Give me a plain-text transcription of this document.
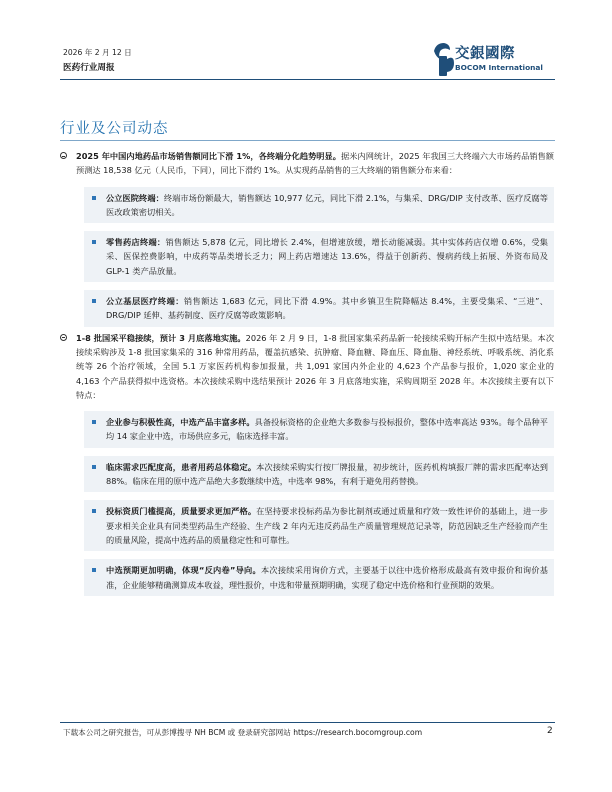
2026 年 2 月 12 日
医药行业周报
交銀國際
BOCOM International
行业及公司动态
2025 年中国内地药品市场销售额同比下滑 1%，各终端分化趋势明显。据米内网统计，2025 年我国三大终端六大市场药品销售额预测达 18,538 亿元（人民币，下同），同比下滑约 1%。从实现药品销售的三大终端的销售额分布来看：
公立医院终端：终端市场份额最大，销售额达 10,977 亿元，同比下滑 2.1%，与集采、DRG/DIP 支付改革、医疗反腐等医改政策密切相关。
零售药店终端：销售额达 5,878 亿元，同比增长 2.4%，但增速放缓，增长动能减弱。其中实体药店仅增 0.6%，受集采、医保控费影响，中成药等品类增长乏力；网上药店增速达 13.6%，得益于创新药、慢病药线上拓展、外资布局及 GLP-1 类产品放量。
公立基层医疗终端：销售额达 1,683 亿元，同比下滑 4.9%。其中乡镇卫生院降幅达 8.4%，主要受集采、“三进”、DRG/DIP 延伸、基药制度、医疗反腐等政策影响。
1-8 批国采平稳接续，预计 3 月底落地实施。2026 年 2 月 9 日，1-8 批国家集采药品新一轮接续采购开标产生拟中选结果。本次接续采购涉及 1-8 批国家集采的 316 种常用药品，覆盖抗感染、抗肿瘤、降血糖、降血压、降血脂、神经系统、呼吸系统、消化系统等 26 个治疗领域，全国 5.1 万家医药机构参加报量，共 1,091 家国内外企业的 4,623 个产品参与报价，1,020 家企业的 4,163 个产品获得拟中选资格。本次接续采购中选结果预计 2026 年 3 月底落地实施，采购周期至 2028 年。本次接续主要有以下特点：
企业参与积极性高，中选产品丰富多样。具备投标资格的企业绝大多数参与投标报价，整体中选率高达 93%。每个品种平均 14 家企业中选，市场供应多元，临床选择丰富。
临床需求匹配度高，患者用药总体稳定。本次接续采购实行按厂牌报量，初步统计，医药机构填报厂牌的需求匹配率达到 88%。临床在用的原中选产品绝大多数继续中选，中选率 98%，有利于避免用药替换。
投标资质门槛提高，质量要求更加严格。在坚持要求投标药品为参比制剂或通过质量和疗效一致性评价的基础上，进一步要求相关企业具有同类型药品生产经验、生产线 2 年内无违反药品生产质量管理规范记录等，防范因缺乏生产经验而产生的质量风险，提高中选药品的质量稳定性和可靠性。
中选预期更加明确，体现“反内卷”导向。本次接续采用询价方式，主要基于以往中选价格形成最高有效申报价和询价基准，企业能够精确测算成本收益，理性报价，中选和带量预期明确，实现了稳定中选价格和行业预期的效果。
下载本公司之研究报告，可从彭博搜寻 NH BCM 或 登录研究部网站 https://research.bocomgroup.com	2
